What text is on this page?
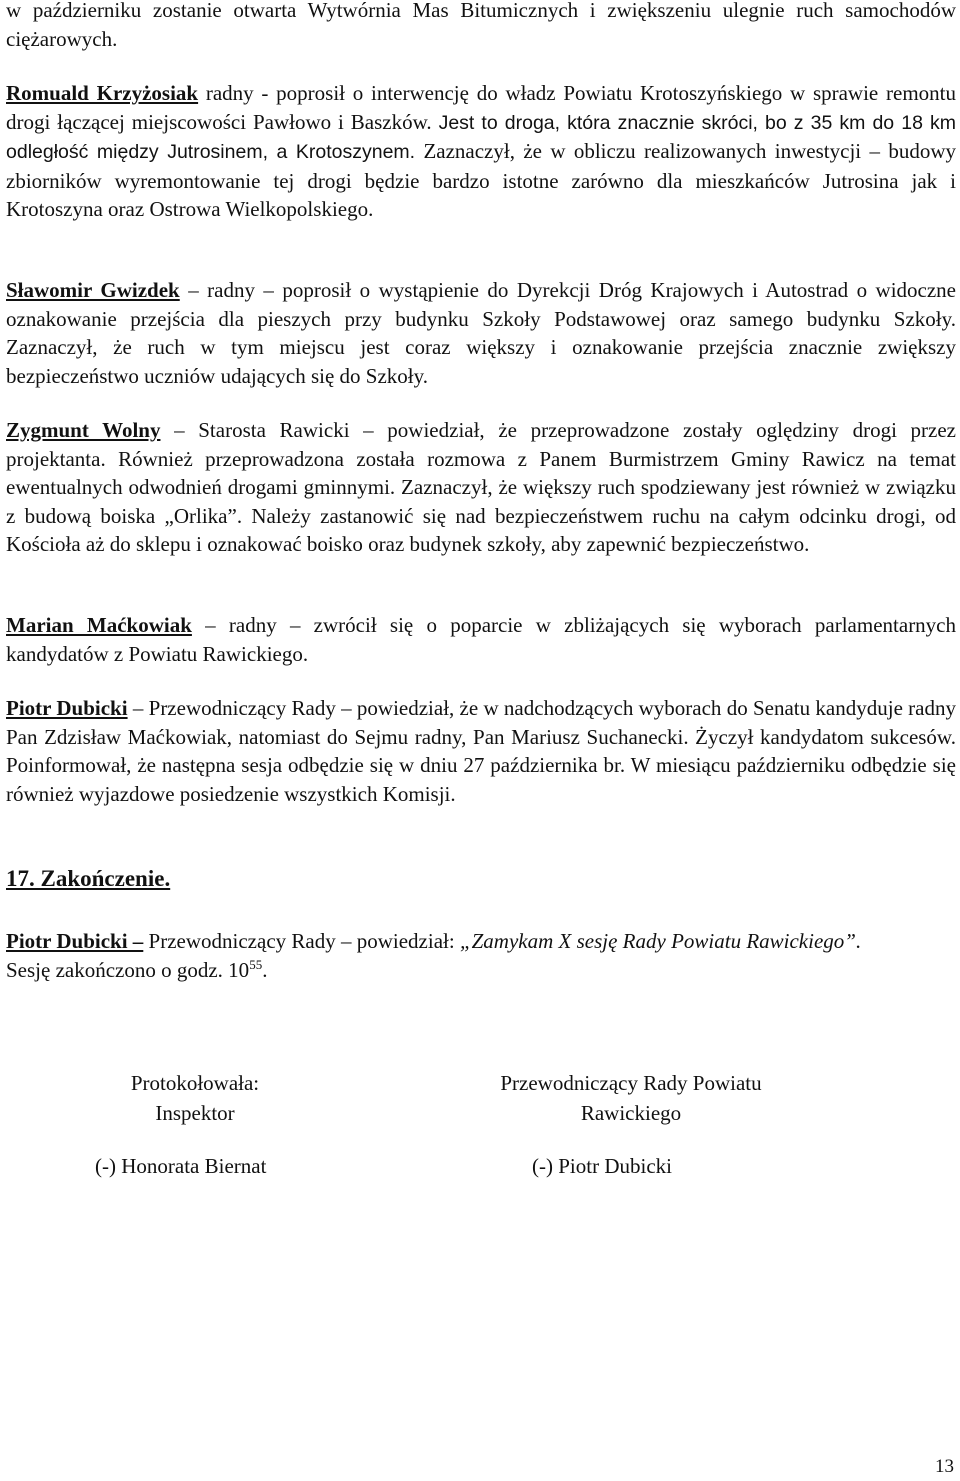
w październiku zostanie otwarta Wytwórnia Mas Bitumicznych i zwiększeniu ulegnie ruch samochodów ciężarowych.

Romuald Krzyżosiak radny - poprosił o interwencję do władz Powiatu Krotoszyńskiego w sprawie remontu drogi łączącej miejscowości Pawłowo i Baszków. Jest to droga, która znacznie skróci, bo z 35 km do 18 km odległość między Jutrosinem, a Krotoszynem. Zaznaczył, że w obliczu realizowanych inwestycji – budowy zbiorników wyremontowanie tej drogi będzie bardzo istotne zarówno dla mieszkańców Jutrosina jak i Krotoszyna oraz Ostrowa Wielkopolskiego.

Sławomir Gwizdek – radny – poprosił o wystąpienie do Dyrekcji Dróg Krajowych i Autostrad o widoczne oznakowanie przejścia dla pieszych przy budynku Szkoły Podstawowej oraz samego budynku Szkoły. Zaznaczył, że ruch w tym miejscu jest coraz większy i oznakowanie przejścia znacznie zwiększy bezpieczeństwo uczniów udających się do Szkoły.

Zygmunt Wolny – Starosta Rawicki – powiedział, że przeprowadzone zostały oględziny drogi przez projektanta. Również przeprowadzona została rozmowa z Panem Burmistrzem Gminy Rawicz na temat ewentualnych odwodnień drogami gminnymi. Zaznaczył, że większy ruch spodziewany jest również w związku z budową boiska „Orlika”. Należy zastanowić się nad bezpieczeństwem ruchu na całym odcinku drogi, od Kościoła aż do sklepu i oznakować boisko oraz budynek szkoły, aby zapewnić bezpieczeństwo.

Marian Maćkowiak – radny – zwrócił się o poparcie w zbliżających się wyborach parlamentarnych kandydatów z Powiatu Rawickiego.

Piotr Dubicki – Przewodniczący Rady – powiedział, że w nadchodzących wyborach do Senatu kandyduje radny Pan Zdzisław Maćkowiak, natomiast do Sejmu radny, Pan Mariusz Suchanecki. Życzył kandydatom sukcesów. Poinformował, że następna sesja odbędzie się w dniu 27 października br. W miesiącu październiku odbędzie się również wyjazdowe posiedzenie wszystkich Komisji.

17. Zakończenie.

Piotr Dubicki – Przewodniczący Rady – powiedział: „Zamykam X sesję Rady Powiatu Rawickiego”.
Sesję zakończono o godz. $10^{55}$.

Protokołowała:
Inspektor
Przewodniczący Rady Powiatu
Rawickiego
(-) Honorata Biernat	(-) Piotr Dubicki
13
